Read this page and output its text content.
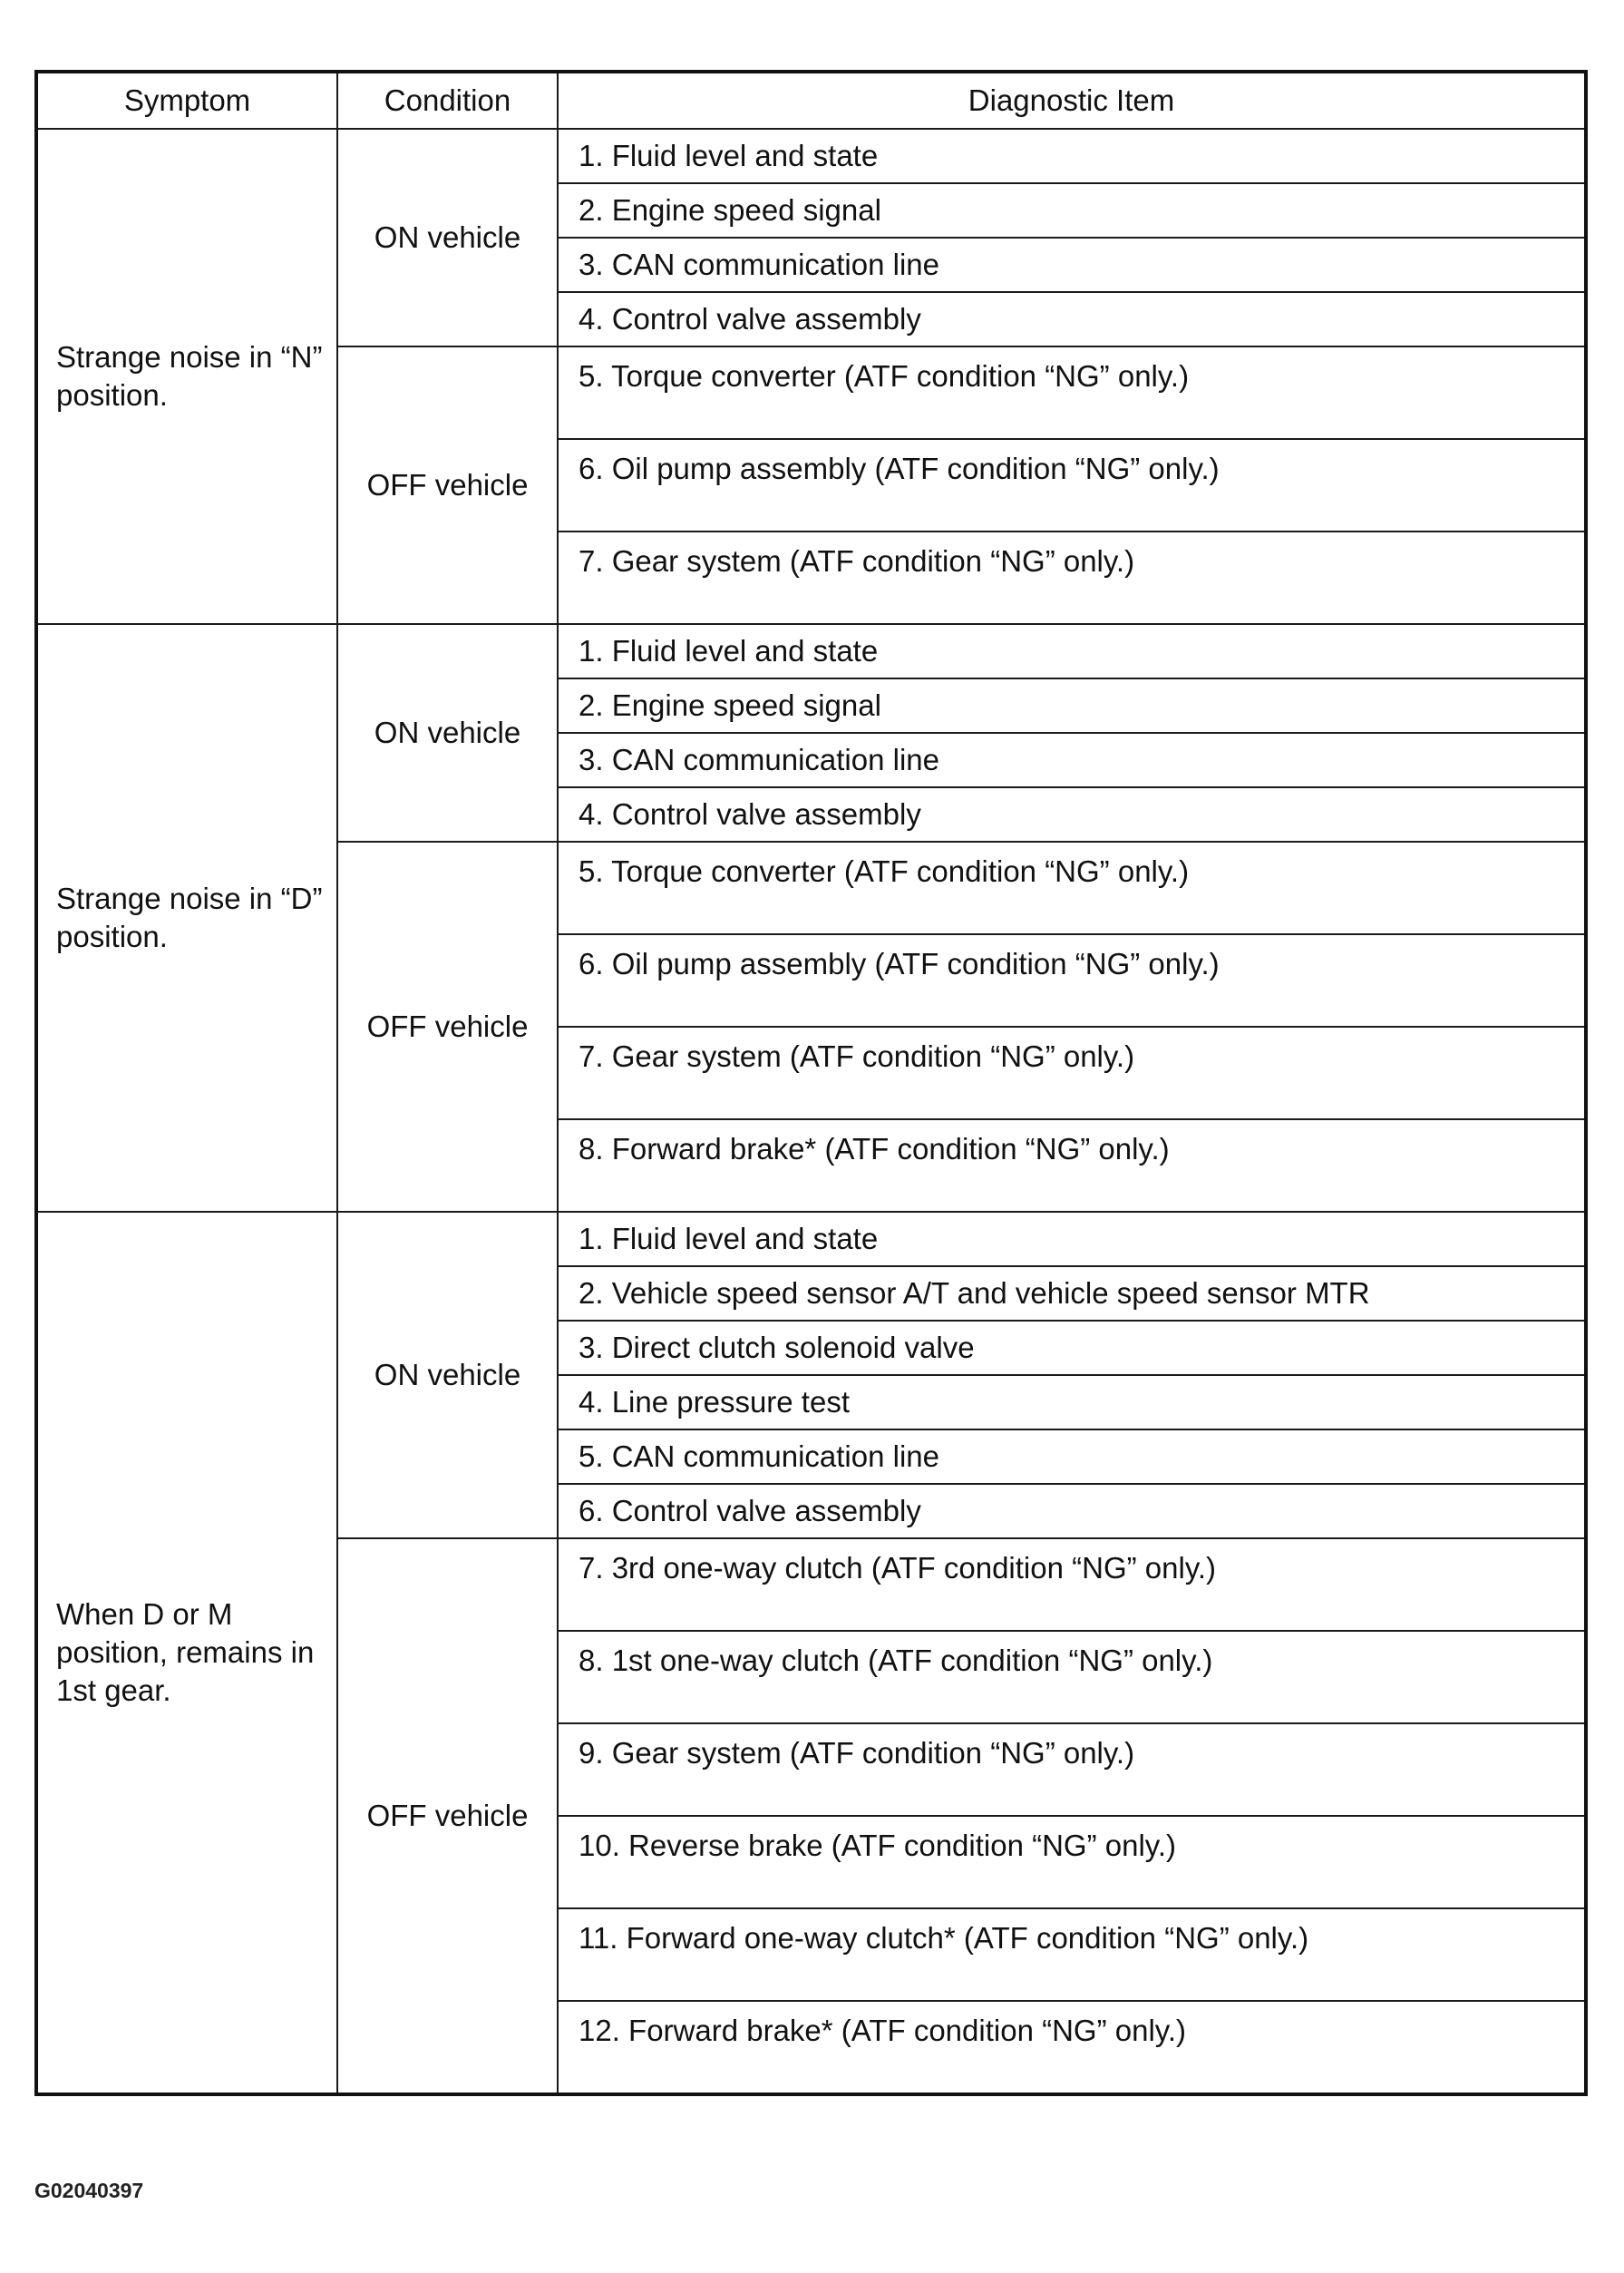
Symptom	Condition	Diagnostic Item
Strange noise in “N” position.	ON vehicle	1. Fluid level and state
		2. Engine speed signal
		3. CAN communication line
		4. Control valve assembly
	OFF vehicle	5. Torque converter (ATF condition “NG” only.)

		6. Oil pump assembly (ATF condition “NG” only.)

		7. Gear system (ATF condition “NG” only.)

Strange noise in “D” position.	ON vehicle	1. Fluid level and state
		2. Engine speed signal
		3. CAN communication line
		4. Control valve assembly
	OFF vehicle	5. Torque converter (ATF condition “NG” only.)

		6. Oil pump assembly (ATF condition “NG” only.)

		7. Gear system (ATF condition “NG” only.)

		8. Forward brake* (ATF condition “NG” only.)

When D or M position, remains in 1st gear.	ON vehicle	1. Fluid level and state
		2. Vehicle speed sensor A/T and vehicle speed sensor MTR
		3. Direct clutch solenoid valve
		4. Line pressure test
		5. CAN communication line
		6. Control valve assembly
	OFF vehicle	7. 3rd one-way clutch (ATF condition “NG” only.)

		8. 1st one-way clutch (ATF condition “NG” only.)

		9. Gear system (ATF condition “NG” only.)

		10. Reverse brake (ATF condition “NG” only.)

		11. Forward one-way clutch* (ATF condition “NG” only.)

		12. Forward brake* (ATF condition “NG” only.)
G02040397
